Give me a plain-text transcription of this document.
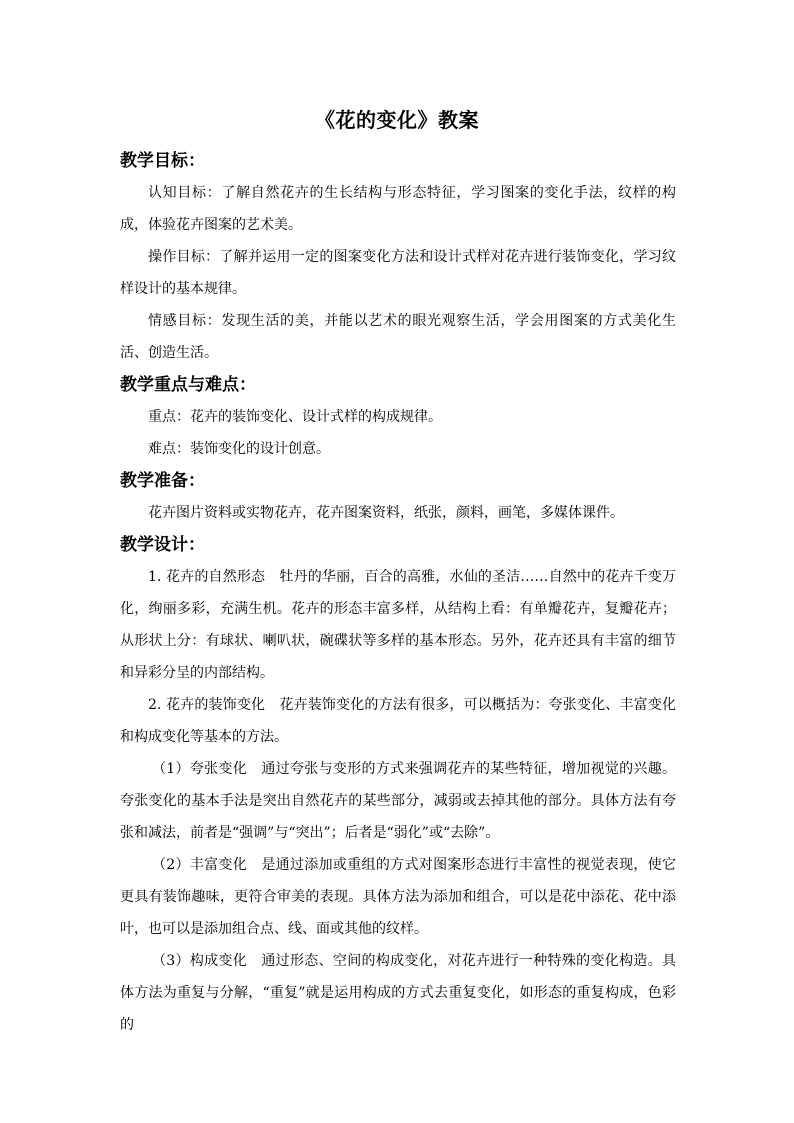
《花的变化》教案
教学目标：

认知目标：了解自然花卉的生长结构与形态特征，学习图案的变化手法，纹样的构成，体验花卉图案的艺术美。

操作目标：了解并运用一定的图案变化方法和设计式样对花卉进行装饰变化，学习纹样设计的基本规律。

情感目标：发现生活的美，并能以艺术的眼光观察生活，学会用图案的方式美化生活、创造生活。

教学重点与难点：

重点：花卉的装饰变化、设计式样的构成规律。

难点：装饰变化的设计创意。

教学准备：

花卉图片资料或实物花卉，花卉图案资料，纸张，颜料，画笔，多媒体课件。

教学设计：

1. 花卉的自然形态　牡丹的华丽，百合的高雅，水仙的圣洁……自然中的花卉千变万化，绚丽多彩，充满生机。花卉的形态丰富多样，从结构上看：有单瓣花卉，复瓣花卉；从形状上分：有球状、喇叭状，碗碟状等多样的基本形态。另外，花卉还具有丰富的细节和异彩分呈的内部结构。

2. 花卉的装饰变化　花卉装饰变化的方法有很多，可以概括为：夸张变化、丰富变化和构成变化等基本的方法。

（1）夸张变化　通过夸张与变形的方式来强调花卉的某些特征，增加视觉的兴趣。夸张变化的基本手法是突出自然花卉的某些部分，减弱或去掉其他的部分。具体方法有夸张和减法，前者是“强调”与“突出”；后者是“弱化”或“去除”。

（2）丰富变化　是通过添加或重组的方式对图案形态进行丰富性的视觉表现，使它更具有装饰趣味，更符合审美的表现。具体方法为添加和组合，可以是花中添花、花中添叶，也可以是添加组合点、线、面或其他的纹样。

（3）构成变化　通过形态、空间的构成变化，对花卉进行一种特殊的变化构造。具体方法为重复与分解，“重复”就是运用构成的方式去重复变化，如形态的重复构成，色彩的
